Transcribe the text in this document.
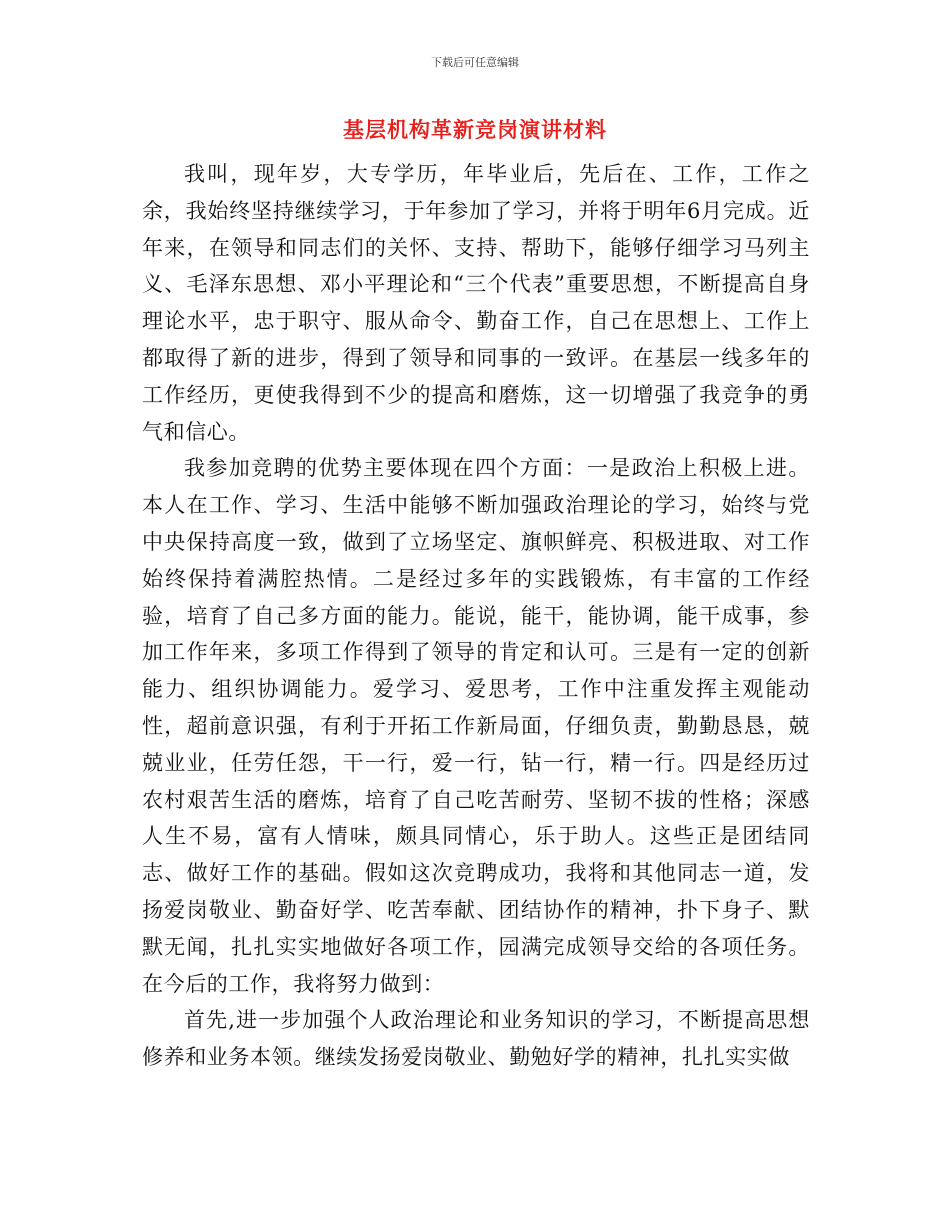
下载后可任意编辑
基层机构革新竞岗演讲材料

我叫，现年岁，大专学历，年毕业后，先后在、工作，工作之余，我始终坚持继续学习，于年参加了学习，并将于明年6月完成。近年来，在领导和同志们的关怀、支持、帮助下，能够仔细学习马列主义、毛泽东思想、邓小平理论和“三个代表”重要思想，不断提高自身理论水平，忠于职守、服从命令、勤奋工作，自己在思想上、工作上都取得了新的进步，得到了领导和同事的一致评。在基层一线多年的工作经历，更使我得到不少的提高和磨炼，这一切增强了我竞争的勇气和信心。

我参加竞聘的优势主要体现在四个方面：一是政治上积极上进。本人在工作、学习、生活中能够不断加强政治理论的学习，始终与党中央保持高度一致，做到了立场坚定、旗帜鲜亮、积极进取、对工作始终保持着满腔热情。二是经过多年的实践锻炼，有丰富的工作经验，培育了自己多方面的能力。能说，能干，能协调，能干成事，参加工作年来，多项工作得到了领导的肯定和认可。三是有一定的创新能力、组织协调能力。爱学习、爱思考，工作中注重发挥主观能动性，超前意识强，有利于开拓工作新局面，仔细负责，勤勤恳恳，兢兢业业，任劳任怨，干一行，爱一行，钻一行，精一行。四是经历过农村艰苦生活的磨炼，培育了自己吃苦耐劳、坚韧不拔的性格；深感人生不易，富有人情味，颇具同情心，乐于助人。这些正是团结同志、做好工作的基础。假如这次竞聘成功，我将和其他同志一道，发扬爱岗敬业、勤奋好学、吃苦奉献、团结协作的精神，扑下身子、默默无闻，扎扎实实地做好各项工作，园满完成领导交给的各项任务。在今后的工作，我将努力做到：

首先,进一步加强个人政治理论和业务知识的学习，不断提高思想修养和业务本领。继续发扬爱岗敬业、勤勉好学的精神，扎扎实实做
